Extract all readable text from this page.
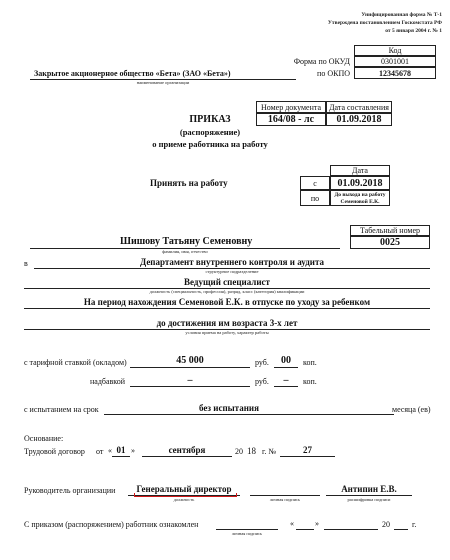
Унифицированная форма № Т-1
Утверждена постановлением Госкомстата РФ
от 5 января 2004 г. № 1
Код
0301001
12345678
Форма по ОКУД
по ОКПО
Закрытое акционерное общество «Бета» (ЗАО «Бета»)
наименование организации
Номер документа Дата составления
164/08 - лс 01.09.2018
ПРИКАЗ
(распоряжение)
о приеме работника на работу
Принять на работу
Дата
с 01.09.2018
по	До выхода на работу
Семеновой Е.К.
Табельный номер
0025
Шишову Татьяну Семеновну
фамилия, имя, отчество
в	Департамент внутреннего контроля и аудита
структурное подразделение
Ведущий специалист
должность (специальность, профессия), разряд, класс (категория) квалификации
На период нахождения Семеновой Е.К. в отпуске по уходу за ребенком
до достижения им возраста 3-х лет
условия приема на работу, характер работы
с тарифной ставкой (окладом)	45 000	руб.	00	коп.
надбавкой	–	руб.	–	коп.
с испытанием на срок	без испытания	месяца (ев)
Основание:
Трудовой договор от « 01 »	сентября	20 18 г. №	27
Руководитель организации	Генеральный директор
должность	личная подпись
Антипин Е.В.
расшифровка подписи
С приказом (распоряжением) работник ознакомлен
личная подпись
«	»	20	г.
